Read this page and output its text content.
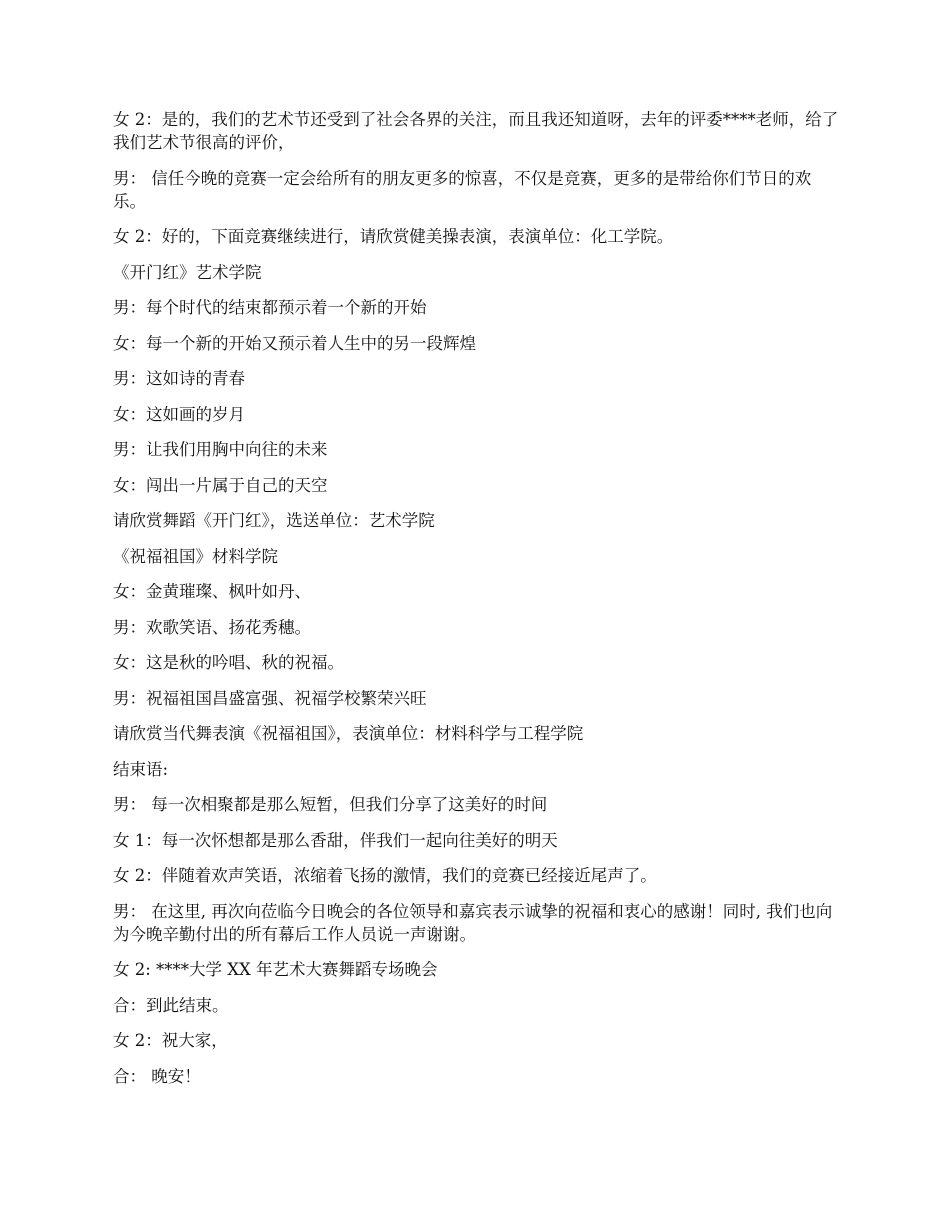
女 2：是的，我们的艺术节还受到了社会各界的关注，而且我还知道呀，去年的评委****老师，给了我们艺术节很高的评价，

男： 信任今晚的竞赛一定会给所有的朋友更多的惊喜，不仅是竞赛，更多的是带给你们节日的欢乐。

女 2：好的，下面竞赛继续进行，请欣赏健美操表演，表演单位：化工学院。

《开门红》艺术学院

男：每个时代的结束都预示着一个新的开始

女：每一个新的开始又预示着人生中的另一段辉煌

男：这如诗的青春

女：这如画的岁月

男：让我们用胸中向往的未来

女：闯出一片属于自己的天空

请欣赏舞蹈《开门红》，选送单位：艺术学院

《祝福祖国》材料学院

女：金黄璀璨、枫叶如丹、

男：欢歌笑语、扬花秀穗。

女：这是秋的吟唱、秋的祝福。

男：祝福祖国昌盛富强、祝福学校繁荣兴旺

请欣赏当代舞表演《祝福祖国》，表演单位：材料科学与工程学院

结束语:

男： 每一次相聚都是那么短暂，但我们分享了这美好的时间

女 1：每一次怀想都是那么香甜，伴我们一起向往美好的明天

女 2：伴随着欢声笑语，浓缩着飞扬的激情，我们的竞赛已经接近尾声了。

男： 在这里, 再次向莅临今日晚会的各位领导和嘉宾表示诚挚的祝福和衷心的感谢！同时, 我们也向为今晚辛勤付出的所有幕后工作人员说一声谢谢。

女 2: ****大学 XX 年艺术大赛舞蹈专场晚会

合：到此结束。

女 2：祝大家，

合： 晚安！
